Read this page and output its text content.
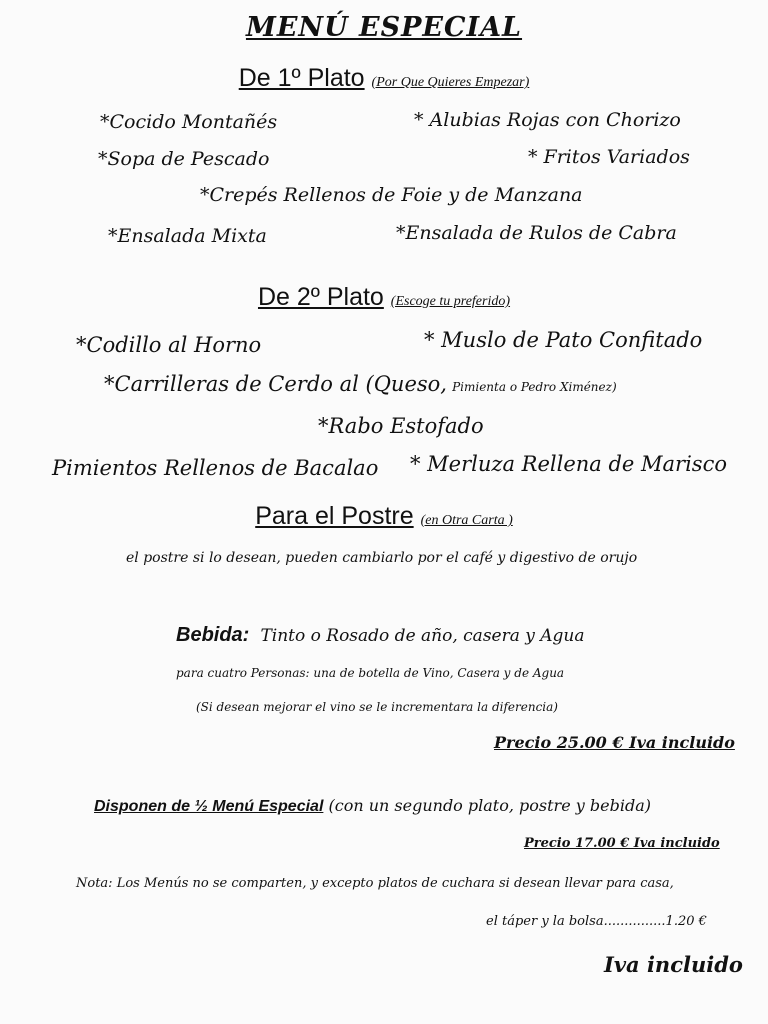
MENÚ ESPECIAL
De 1º Plato (Por Que Quieres Empezar)
*Cocido Montañés	* Alubias Rojas con Chorizo
*Sopa de Pescado	* Fritos Variados
*Crepés Rellenos de Foie y de Manzana
*Ensalada Mixta	*Ensalada de Rulos de Cabra
De 2º Plato (Escoge tu preferido)
*Codillo al Horno	* Muslo de Pato Confitado
*Carrilleras de Cerdo al (Queso, Pimienta o Pedro Ximénez)
*Rabo Estofado
Pimientos Rellenos de Bacalao * Merluza Rellena de Marisco
Para el Postre (en Otra Carta )
el postre si lo desean, pueden cambiarlo por el café y digestivo de orujo
Bebida: Tinto o Rosado de año, casera y Agua
para cuatro Personas: una de botella de Vino, Casera y de Agua
(Si desean mejorar el vino se le incrementara la diferencia)
Precio 25.00 € Iva incluido
Disponen de ½ Menú Especial (con un segundo plato, postre y bebida)
Precio 17.00 € Iva incluido
Nota: Los Menús no se comparten, y excepto platos de cuchara si desean llevar para casa,
el táper y la bolsa...............1.20 €
Iva incluido
